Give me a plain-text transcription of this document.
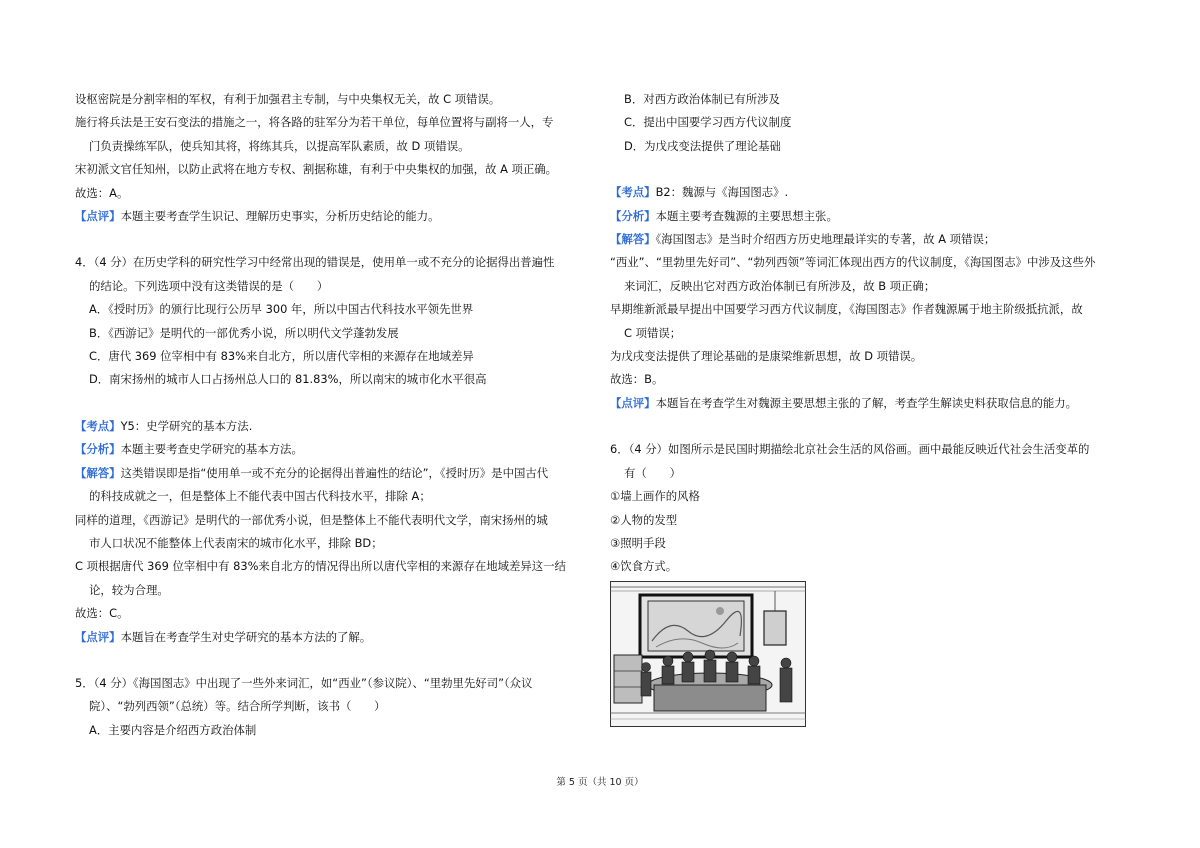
设枢密院是分割宰相的军权，有利于加强君主专制，与中央集权无关，故 C 项错误。
施行将兵法是王安石变法的措施之一，将各路的驻军分为若干单位，每单位置将与副将一人，专
门负责操练军队，使兵知其将，将练其兵，以提高军队素质，故 D 项错误。
宋初派文官任知州，以防止武将在地方专权、割据称雄，有利于中央集权的加强，故 A 项正确。
故选：A。
【点评】本题主要考查学生识记、理解历史事实，分析历史结论的能力。
4．（4 分）在历史学科的研究性学习中经常出现的错误是，使用单一或不充分的论据得出普遍性
的结论。下列选项中没有这类错误的是（　　）
A．《授时历》的颁行比现行公历早 300 年，所以中国古代科技水平领先世界
B．《西游记》是明代的一部优秀小说，所以明代文学蓬勃发展
C．唐代 369 位宰相中有 83%来自北方，所以唐代宰相的来源存在地域差异
D．南宋扬州的城市人口占扬州总人口的 81.83%，所以南宋的城市化水平很高
【考点】Y5：史学研究的基本方法.
【分析】本题主要考查史学研究的基本方法。
【解答】这类错误即是指“使用单一或不充分的论据得出普遍性的结论”，《授时历》是中国古代
的科技成就之一，但是整体上不能代表中国古代科技水平，排除 A；
同样的道理，《西游记》是明代的一部优秀小说，但是整体上不能代表明代文学，南宋扬州的城
市人口状况不能整体上代表南宋的城市化水平，排除 BD；
C 项根据唐代 369 位宰相中有 83%来自北方的情况得出所以唐代宰相的来源存在地域差异这一结
论，较为合理。
故选：C。
【点评】本题旨在考查学生对史学研究的基本方法的了解。
5．（4 分）《海国图志》中出现了一些外来词汇，如“西业”（参议院）、“里勃里先好司”（众议
院）、“勃列西领”（总统）等。结合所学判断，该书（　　）
A．主要内容是介绍西方政治体制
B．对西方政治体制已有所涉及
C．提出中国要学习西方代议制度
D．为戊戌变法提供了理论基础
【考点】B2：魏源与《海国图志》.
【分析】本题主要考查魏源的主要思想主张。
【解答】《海国图志》是当时介绍西方历史地理最详实的专著，故 A 项错误；
“西业”、“里勃里先好司”、“勃列西领”等词汇体现出西方的代议制度，《海国图志》中涉及这些外
来词汇，反映出它对西方政治体制已有所涉及，故 B 项正确；
早期维新派最早提出中国要学习西方代议制度，《海国图志》作者魏源属于地主阶级抵抗派，故
C 项错误；
为戊戌变法提供了理论基础的是康梁维新思想，故 D 项错误。
故选：B。
【点评】本题旨在考查学生对魏源主要思想主张的了解，考查学生解读史料获取信息的能力。
6．（4 分）如图所示是民国时期描绘北京社会生活的风俗画。画中最能反映近代社会生活变革的
有（　　）
①墙上画作的风格
②人物的发型
③照明手段
④饮食方式。
第 5 页（共 10 页）
